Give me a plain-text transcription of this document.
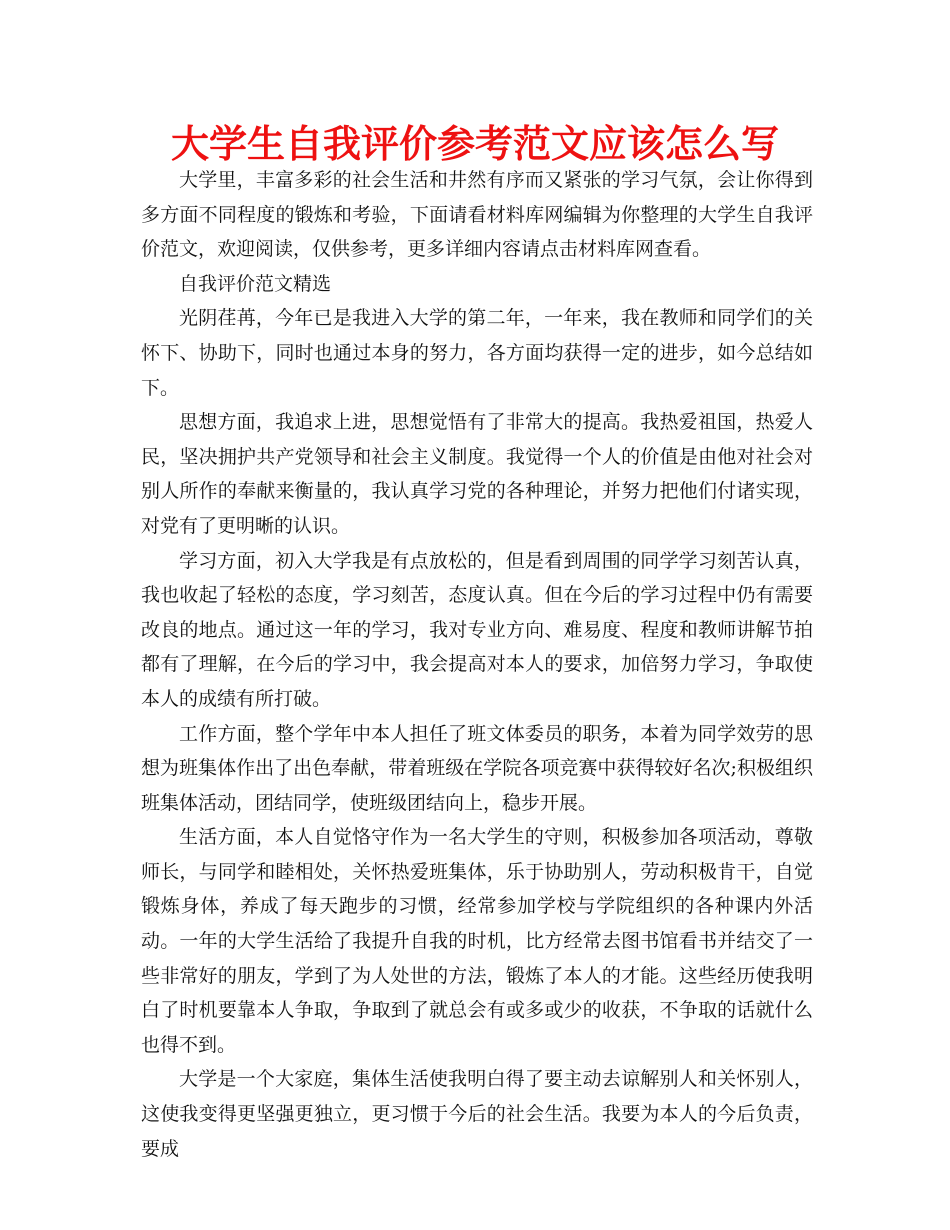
大学生自我评价参考范文应该怎么写

大学里，丰富多彩的社会生活和井然有序而又紧张的学习气氛，会让你得到多方面不同程度的锻炼和考验，下面请看材料库网编辑为你整理的大学生自我评价范文，欢迎阅读，仅供参考，更多详细内容请点击材料库网查看。

自我评价范文精选

光阴荏苒，今年已是我进入大学的第二年，一年来，我在教师和同学们的关怀下、协助下，同时也通过本身的努力，各方面均获得一定的进步，如今总结如下。

思想方面，我追求上进，思想觉悟有了非常大的提高。我热爱祖国，热爱人民，坚决拥护共产党领导和社会主义制度。我觉得一个人的价值是由他对社会对别人所作的奉献来衡量的，我认真学习党的各种理论，并努力把他们付诸实现，对党有了更明晰的认识。

学习方面，初入大学我是有点放松的，但是看到周围的同学学习刻苦认真，我也收起了轻松的态度，学习刻苦，态度认真。但在今后的学习过程中仍有需要改良的地点。通过这一年的学习，我对专业方向、难易度、程度和教师讲解节拍都有了理解，在今后的学习中，我会提高对本人的要求，加倍努力学习，争取使本人的成绩有所打破。

工作方面，整个学年中本人担任了班文体委员的职务，本着为同学效劳的思想为班集体作出了出色奉献，带着班级在学院各项竞赛中获得较好名次;积极组织班集体活动，团结同学，使班级团结向上，稳步开展。

生活方面，本人自觉恪守作为一名大学生的守则，积极参加各项活动，尊敬师长，与同学和睦相处，关怀热爱班集体，乐于协助别人，劳动积极肯干，自觉锻炼身体，养成了每天跑步的习惯，经常参加学校与学院组织的各种课内外活动。一年的大学生活给了我提升自我的时机，比方经常去图书馆看书并结交了一些非常好的朋友，学到了为人处世的方法，锻炼了本人的才能。这些经历使我明白了时机要靠本人争取，争取到了就总会有或多或少的收获，不争取的话就什么也得不到。

大学是一个大家庭，集体生活使我明白得了要主动去谅解别人和关怀别人，这使我变得更坚强更独立，更习惯于今后的社会生活。我要为本人的今后负责，要成
